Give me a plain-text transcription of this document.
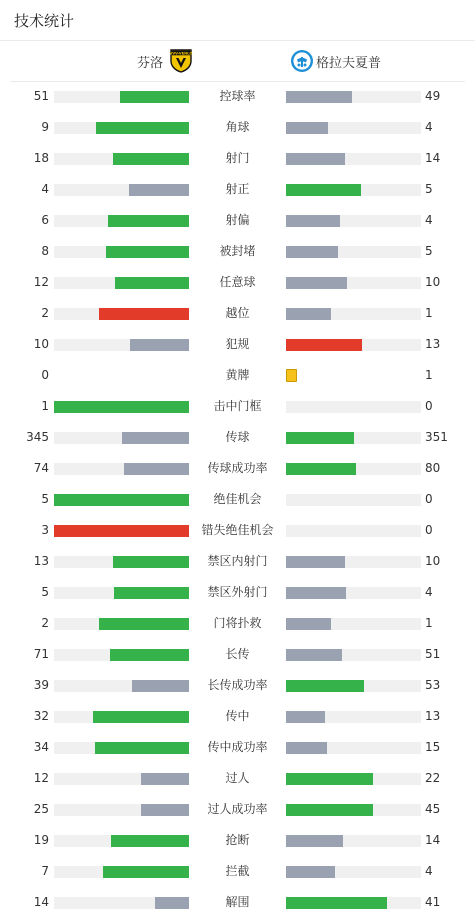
技术统计
芬洛
VVV-VENLO
格拉夫夏普
51	控球率	49
9	角球	4
18	射门	14
4	射正	5
6	射偏	4
8	被封堵	5
12	任意球	10
2	越位	1
10	犯规	13
0	黄牌	1
1	击中门框	0
345	传球	351
74	传球成功率	80
5	绝佳机会	0
3	错失绝佳机会	0
13	禁区内射门	10
5	禁区外射门	4
2	门将扑救	1
71	长传	51
39	长传成功率	53
32	传中	13
34	传中成功率	15
12	过人	22
25	过人成功率	45
19	抢断	14
7	拦截	4
14	解围	41
